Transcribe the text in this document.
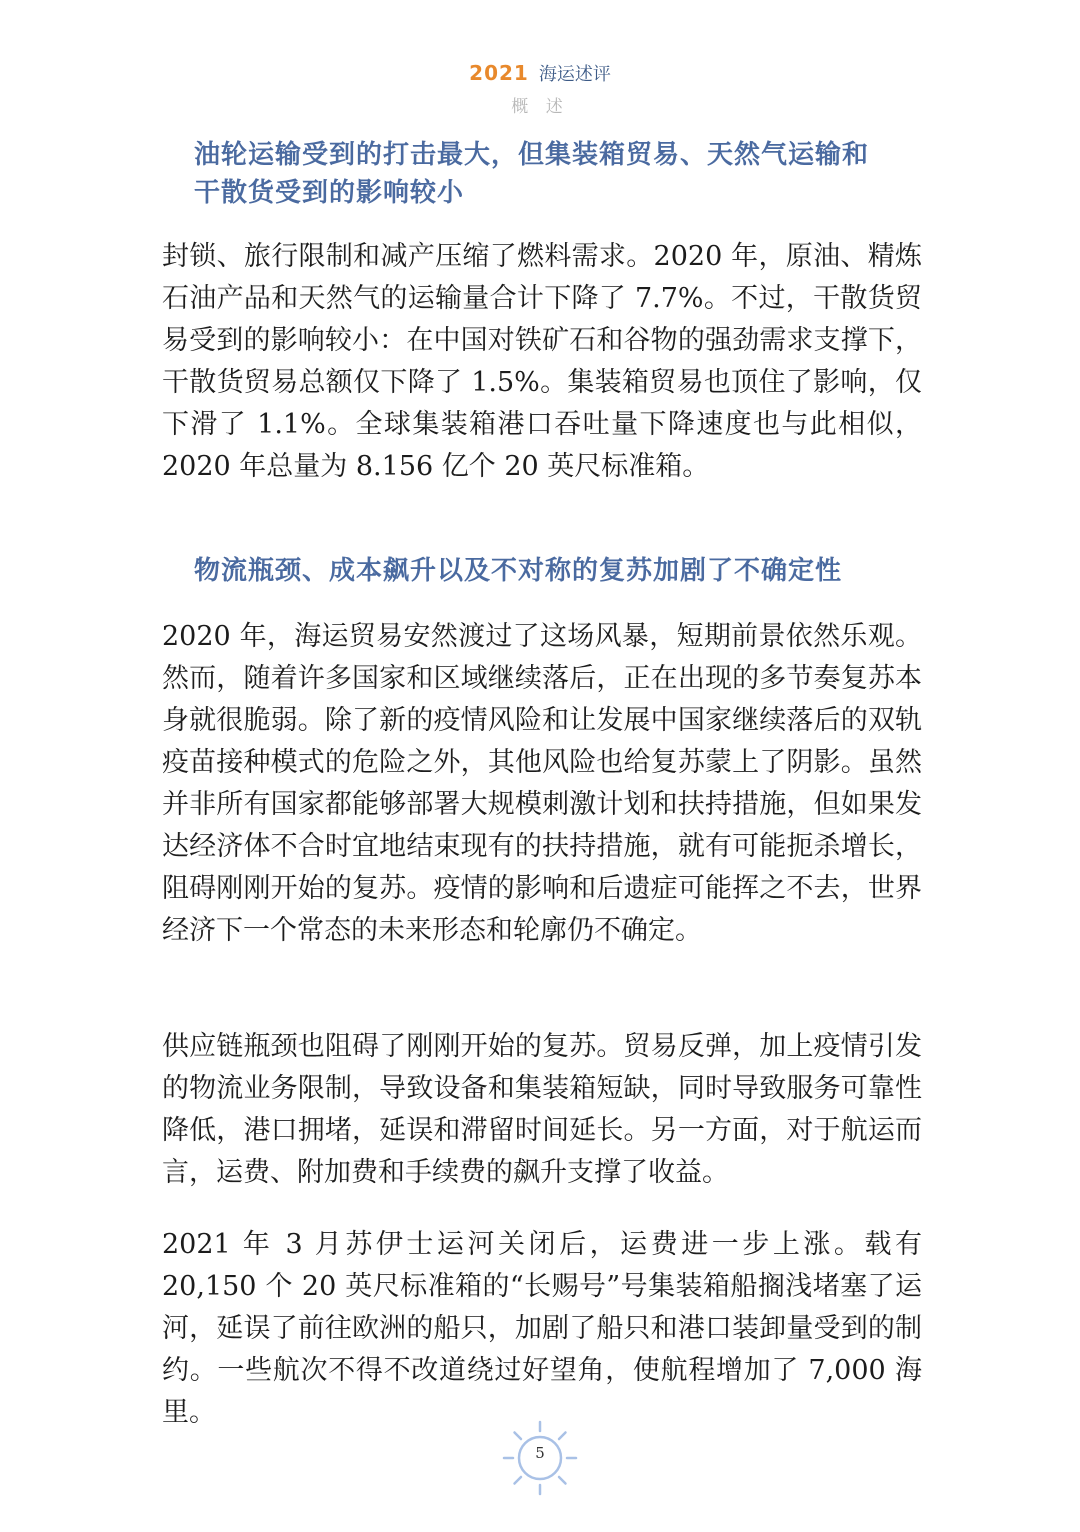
2021 海运述评
概 述
油轮运输受到的打击最大，但集装箱贸易、天然气运输和
干散货受到的影响较小
封锁、旅行限制和减产压缩了燃料需求。2020 年，原油、精炼石油产品和天然气的运输量合计下降了 7.7%。不过，干散货贸易受到的影响较小：在中国对铁矿石和谷物的强劲需求支撑下，干散货贸易总额仅下降了 1.5%。集装箱贸易也顶住了影响，仅下滑了 1.1%。全球集装箱港口吞吐量下降速度也与此相似，2020 年总量为 8.156 亿个 20 英尺标准箱。
物流瓶颈、成本飙升以及不对称的复苏加剧了不确定性
2020 年，海运贸易安然渡过了这场风暴，短期前景依然乐观。然而，随着许多国家和区域继续落后，正在出现的多节奏复苏本身就很脆弱。除了新的疫情风险和让发展中国家继续落后的双轨疫苗接种模式的危险之外，其他风险也给复苏蒙上了阴影。虽然并非所有国家都能够部署大规模刺激计划和扶持措施，但如果发达经济体不合时宜地结束现有的扶持措施，就有可能扼杀增长，阻碍刚刚开始的复苏。疫情的影响和后遗症可能挥之不去，世界经济下一个常态的未来形态和轮廓仍不确定。
供应链瓶颈也阻碍了刚刚开始的复苏。贸易反弹，加上疫情引发的物流业务限制，导致设备和集装箱短缺，同时导致服务可靠性降低，港口拥堵，延误和滞留时间延长。另一方面，对于航运而言，运费、附加费和手续费的飙升支撑了收益。
2021 年 3 月苏伊士运河关闭后，运费进一步上涨。载有 20,150 个 20 英尺标准箱的“长赐号”号集装箱船搁浅堵塞了运河，延误了前往欧洲的船只，加剧了船只和港口装卸量受到的制约。一些航次不得不改道绕过好望角，使航程增加了 7,000 海里。
5
